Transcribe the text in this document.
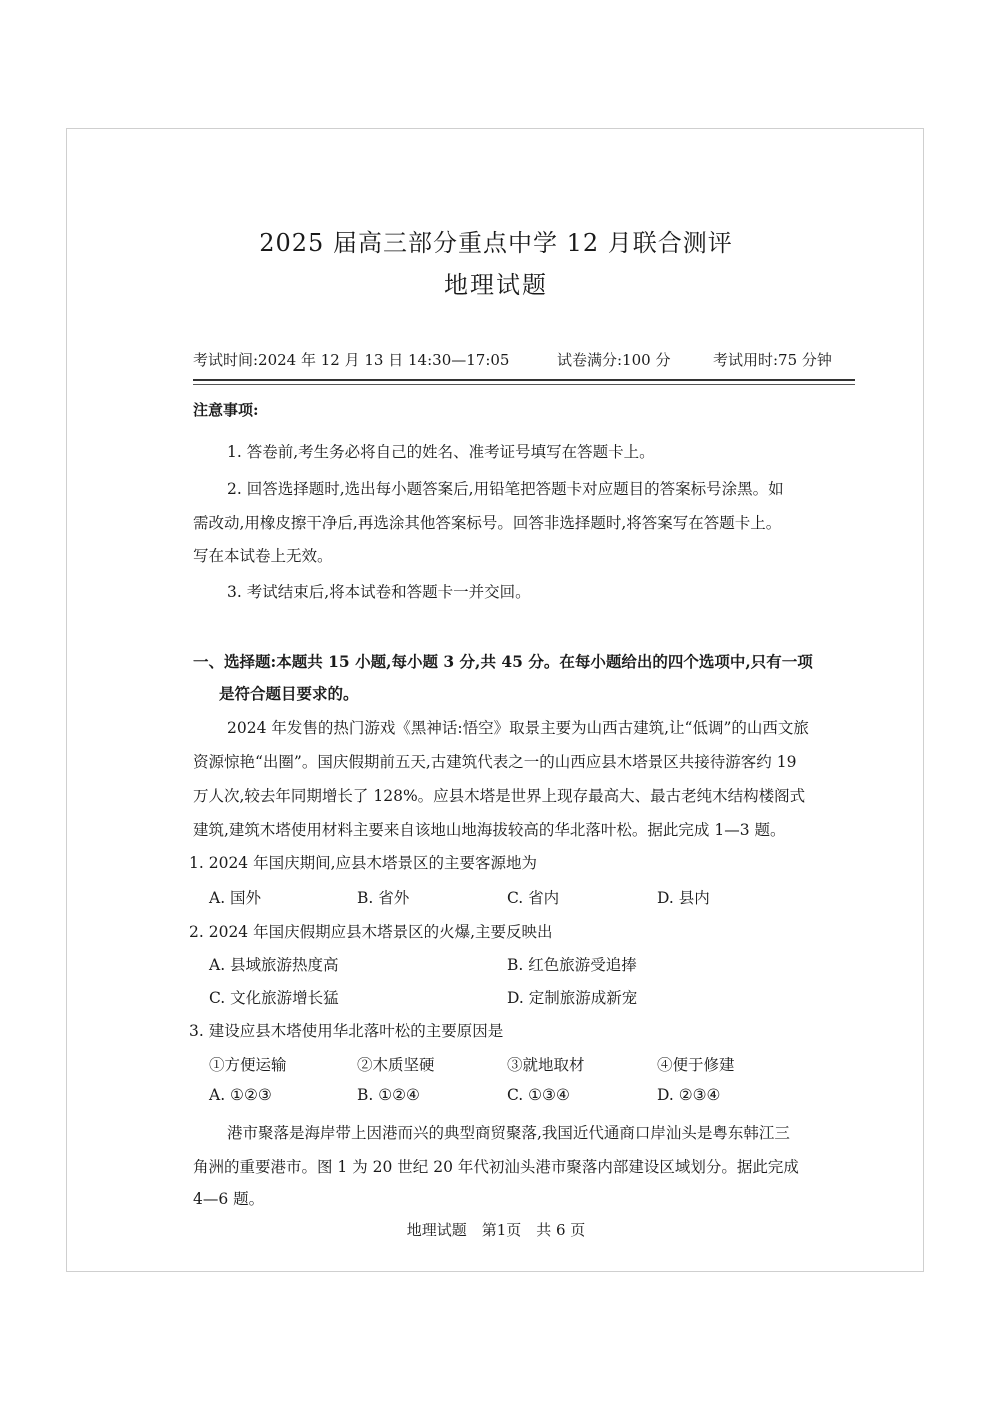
2025 届高三部分重点中学 12 月联合测评
地理试题
考试时间:2024 年 12 月 13 日 14:30—17:05	试卷满分:100 分	考试用时:75 分钟
注意事项:
1. 答卷前,考生务必将自己的姓名、准考证号填写在答题卡上。
2. 回答选择题时,选出每小题答案后,用铅笔把答题卡对应题目的答案标号涂黑。如
需改动,用橡皮擦干净后,再选涂其他答案标号。回答非选择题时,将答案写在答题卡上。
写在本试卷上无效。
3. 考试结束后,将本试卷和答题卡一并交回。
一、选择题:本题共 15 小题,每小题 3 分,共 45 分。在每小题给出的四个选项中,只有一项
是符合题目要求的。
2024 年发售的热门游戏《黑神话:悟空》取景主要为山西古建筑,让“低调”的山西文旅
资源惊艳“出圈”。国庆假期前五天,古建筑代表之一的山西应县木塔景区共接待游客约 19
万人次,较去年同期增长了 128%。应县木塔是世界上现存最高大、最古老纯木结构楼阁式
建筑,建筑木塔使用材料主要来自该地山地海拔较高的华北落叶松。据此完成 1—3 题。
1. 2024 年国庆期间,应县木塔景区的主要客源地为
A. 国外	B. 省外	C. 省内	D. 县内
2. 2024 年国庆假期应县木塔景区的火爆,主要反映出
A. 县域旅游热度高	B. 红色旅游受追捧
C. 文化旅游增长猛	D. 定制旅游成新宠
3. 建设应县木塔使用华北落叶松的主要原因是
①方便运输	②木质坚硬	③就地取材	④便于修建
A. ①②③	B. ①②④	C. ①③④	D. ②③④
港市聚落是海岸带上因港而兴的典型商贸聚落,我国近代通商口岸汕头是粤东韩江三
角洲的重要港市。图 1 为 20 世纪 20 年代初汕头港市聚落内部建设区域划分。据此完成
4—6 题。
地理试题　第1页　共 6 页
